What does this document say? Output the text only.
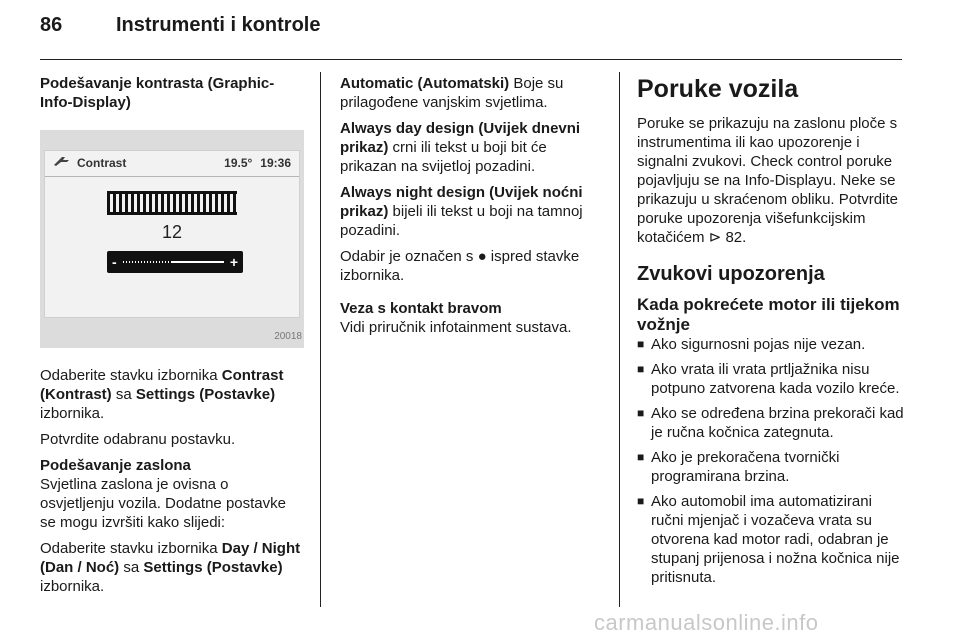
86	Instrumenti i kontrole
Podešavanje kontrasta (Graphic-Info-Display)
Contrast	19.5° 19:36
12
-	+
20018

Odaberite stavku izbornika Contrast (Kontrast) sa Settings (Postavke) izbornika.

Potvrdite odabranu postavku.

Podešavanje zaslona

Svjetlina zaslona je ovisna o osvjetljenju vozila. Dodatne postavke se mogu izvršiti kako slijedi:

Odaberite stavku izbornika Day / Night (Dan / Noć) sa Settings (Postavke) izbornika.

Automatic (Automatski) Boje su prilagođene vanjskim svjetlima.

Always day design (Uvijek dnevni prikaz) crni ili tekst u boji bit će prikazan na svijetloj pozadini.

Always night design (Uvijek noćni prikaz) bijeli ili tekst u boji na tamnoj pozadini.

Odabir je označen s ● ispred stavke izbornika.

Veza s kontakt bravom

Vidi priručnik infotainment sustava.

Poruke vozila

Poruke se prikazuju na zaslonu ploče s instrumentima ili kao upozorenje i signalni zvukovi. Check control poruke pojavljuju se na Info-Displayu. Neke se prikazuju u skraćenom obliku. Potvrdite poruke upozorenja višefunkcijskim kotačićem ⊳ 82.

Zvukovi upozorenja
Kada pokrećete motor ili tijekom vožnje
■ Ako sigurnosni pojas nije vezan.
■ Ako vrata ili vrata prtljažnika nisu potpuno zatvorena kada vozilo kreće.
■ Ako se određena brzina prekorači kad je ručna kočnica zategnuta.
■ Ako je prekoračena tvornički programirana brzina.
■ Ako automobil ima automatizirani ručni mjenjač i vozačeva vrata su otvorena kad motor radi, odabran je stupanj prijenosa i nožna kočnica nije pritisnuta.
carmanualsonline.info
